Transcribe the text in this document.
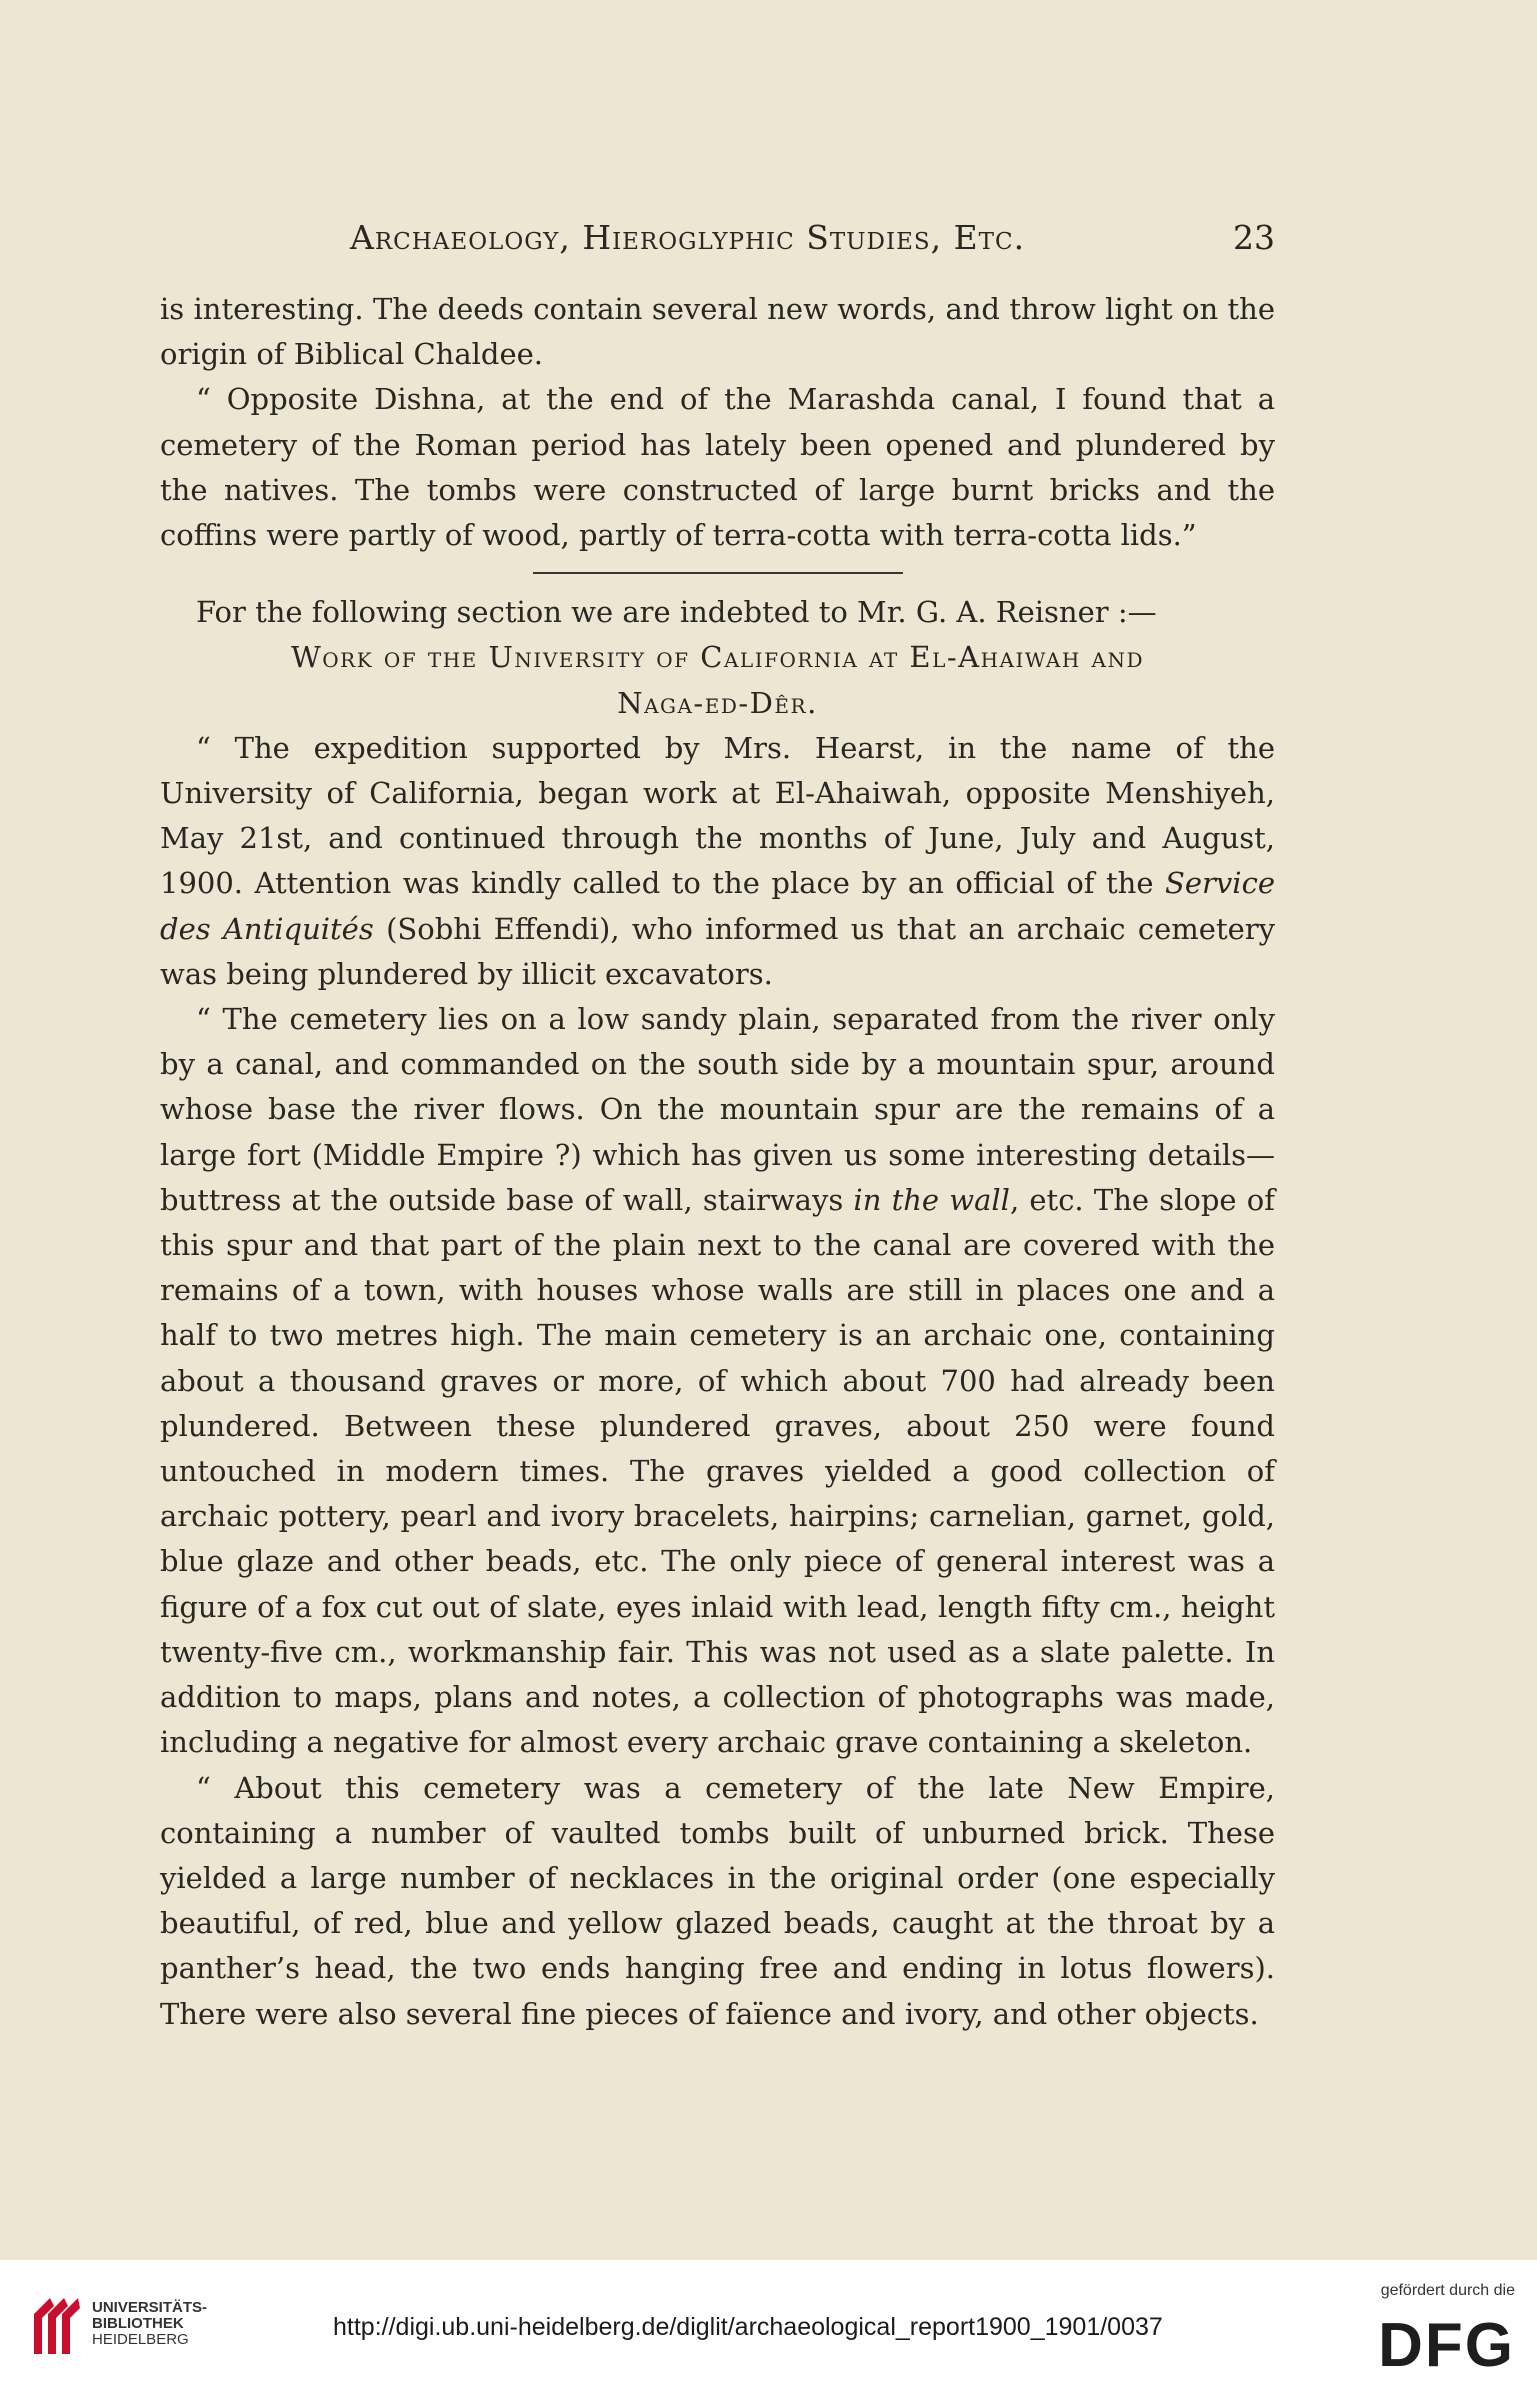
Archaeology, Hieroglyphic Studies, Etc.	23

is interesting. The deeds contain several new words, and throw light on the origin of Biblical Chaldee.

“ Opposite Dishna, at the end of the Marashda canal, I found that a cemetery of the Roman period has lately been opened and plundered by the natives. The tombs were constructed of large burnt bricks and the coffins were partly of wood, partly of terra-cotta with terra-cotta lids.”

For the following section we are indebted to Mr. G. A. Reisner :—

Work of the University of California at El-Ahaiwah and
Naga-ed-Dêr.

“ The expedition supported by Mrs. Hearst, in the name of the University of California, began work at El-Ahaiwah, opposite Menshiyeh, May 21st, and continued through the months of June, July and August, 1900. Attention was kindly called to the place by an official of the Service des Antiquités (Sobhi Effendi), who informed us that an archaic cemetery was being plundered by illicit excavators.

“ The cemetery lies on a low sandy plain, separated from the river only by a canal, and commanded on the south side by a mountain spur, around whose base the river flows. On the mountain spur are the remains of a large fort (Middle Empire ?) which has given us some interesting details— buttress at the outside base of wall, stairways in the wall, etc. The slope of this spur and that part of the plain next to the canal are covered with the remains of a town, with houses whose walls are still in places one and a half to two metres high. The main cemetery is an archaic one, containing about a thousand graves or more, of which about 700 had already been plundered. Between these plundered graves, about 250 were found untouched in modern times. The graves yielded a good collection of archaic pottery, pearl and ivory bracelets, hairpins; carnelian, garnet, gold, blue glaze and other beads, etc. The only piece of general interest was a figure of a fox cut out of slate, eyes inlaid with lead, length fifty cm., height twenty-five cm., workmanship fair. This was not used as a slate palette. In addition to maps, plans and notes, a collection of photographs was made, including a negative for almost every archaic grave containing a skeleton.

“ About this cemetery was a cemetery of the late New Empire, containing a number of vaulted tombs built of unburned brick. These yielded a large number of necklaces in the original order (one especially beautiful, of red, blue and yellow glazed beads, caught at the throat by a panther’s head, the two ends hanging free and ending in lotus flowers). There were also several fine pieces of faïence and ivory, and other objects.

UNIVERSITÄTS-
BIBLIOTHEK
HEIDELBERG	http://digi.ub.uni-heidelberg.de/diglit/archaeological_report1900_1901/0037
gefördert durch die
DFG
